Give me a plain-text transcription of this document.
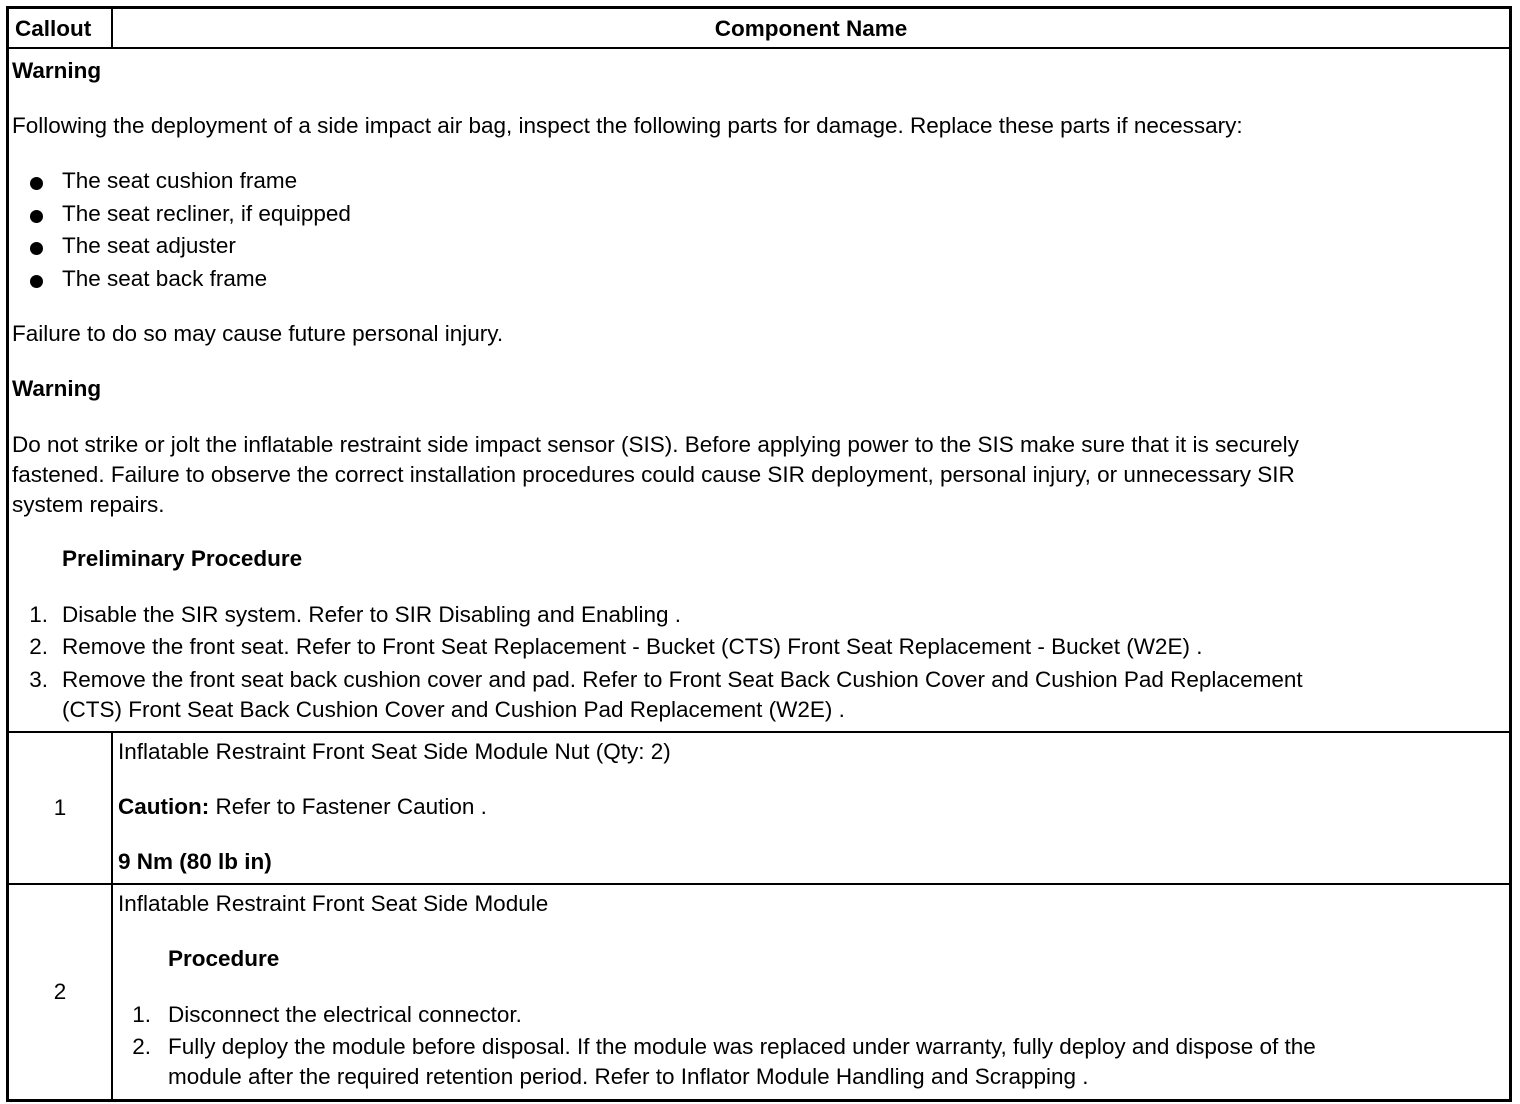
Callout	Component Name
Warning
Following the deployment of a side impact air bag, inspect the following parts for damage. Replace these parts if necessary:
The seat cushion frame
The seat recliner, if equipped
The seat adjuster
The seat back frame
Failure to do so may cause future personal injury.
Warning
Do not strike or jolt the inflatable restraint side impact sensor (SIS). Before applying power to the SIS make sure that it is securely
fastened. Failure to observe the correct installation procedures could cause SIR deployment, personal injury, or unnecessary SIR
system repairs.
Preliminary Procedure
1. Disable the SIR system. Refer to SIR Disabling and Enabling .
2. Remove the front seat. Refer to Front Seat Replacement - Bucket (CTS) Front Seat Replacement - Bucket (W2E) .
3. Remove the front seat back cushion cover and pad. Refer to Front Seat Back Cushion Cover and Cushion Pad Replacement
(CTS) Front Seat Back Cushion Cover and Cushion Pad Replacement (W2E) .
1
Inflatable Restraint Front Seat Side Module Nut (Qty: 2)
Caution: Refer to Fastener Caution .
9 Nm (80 lb in)
2
Inflatable Restraint Front Seat Side Module
Procedure
1. Disconnect the electrical connector.
2. Fully deploy the module before disposal. If the module was replaced under warranty, fully deploy and dispose of the
module after the required retention period. Refer to Inflator Module Handling and Scrapping .
